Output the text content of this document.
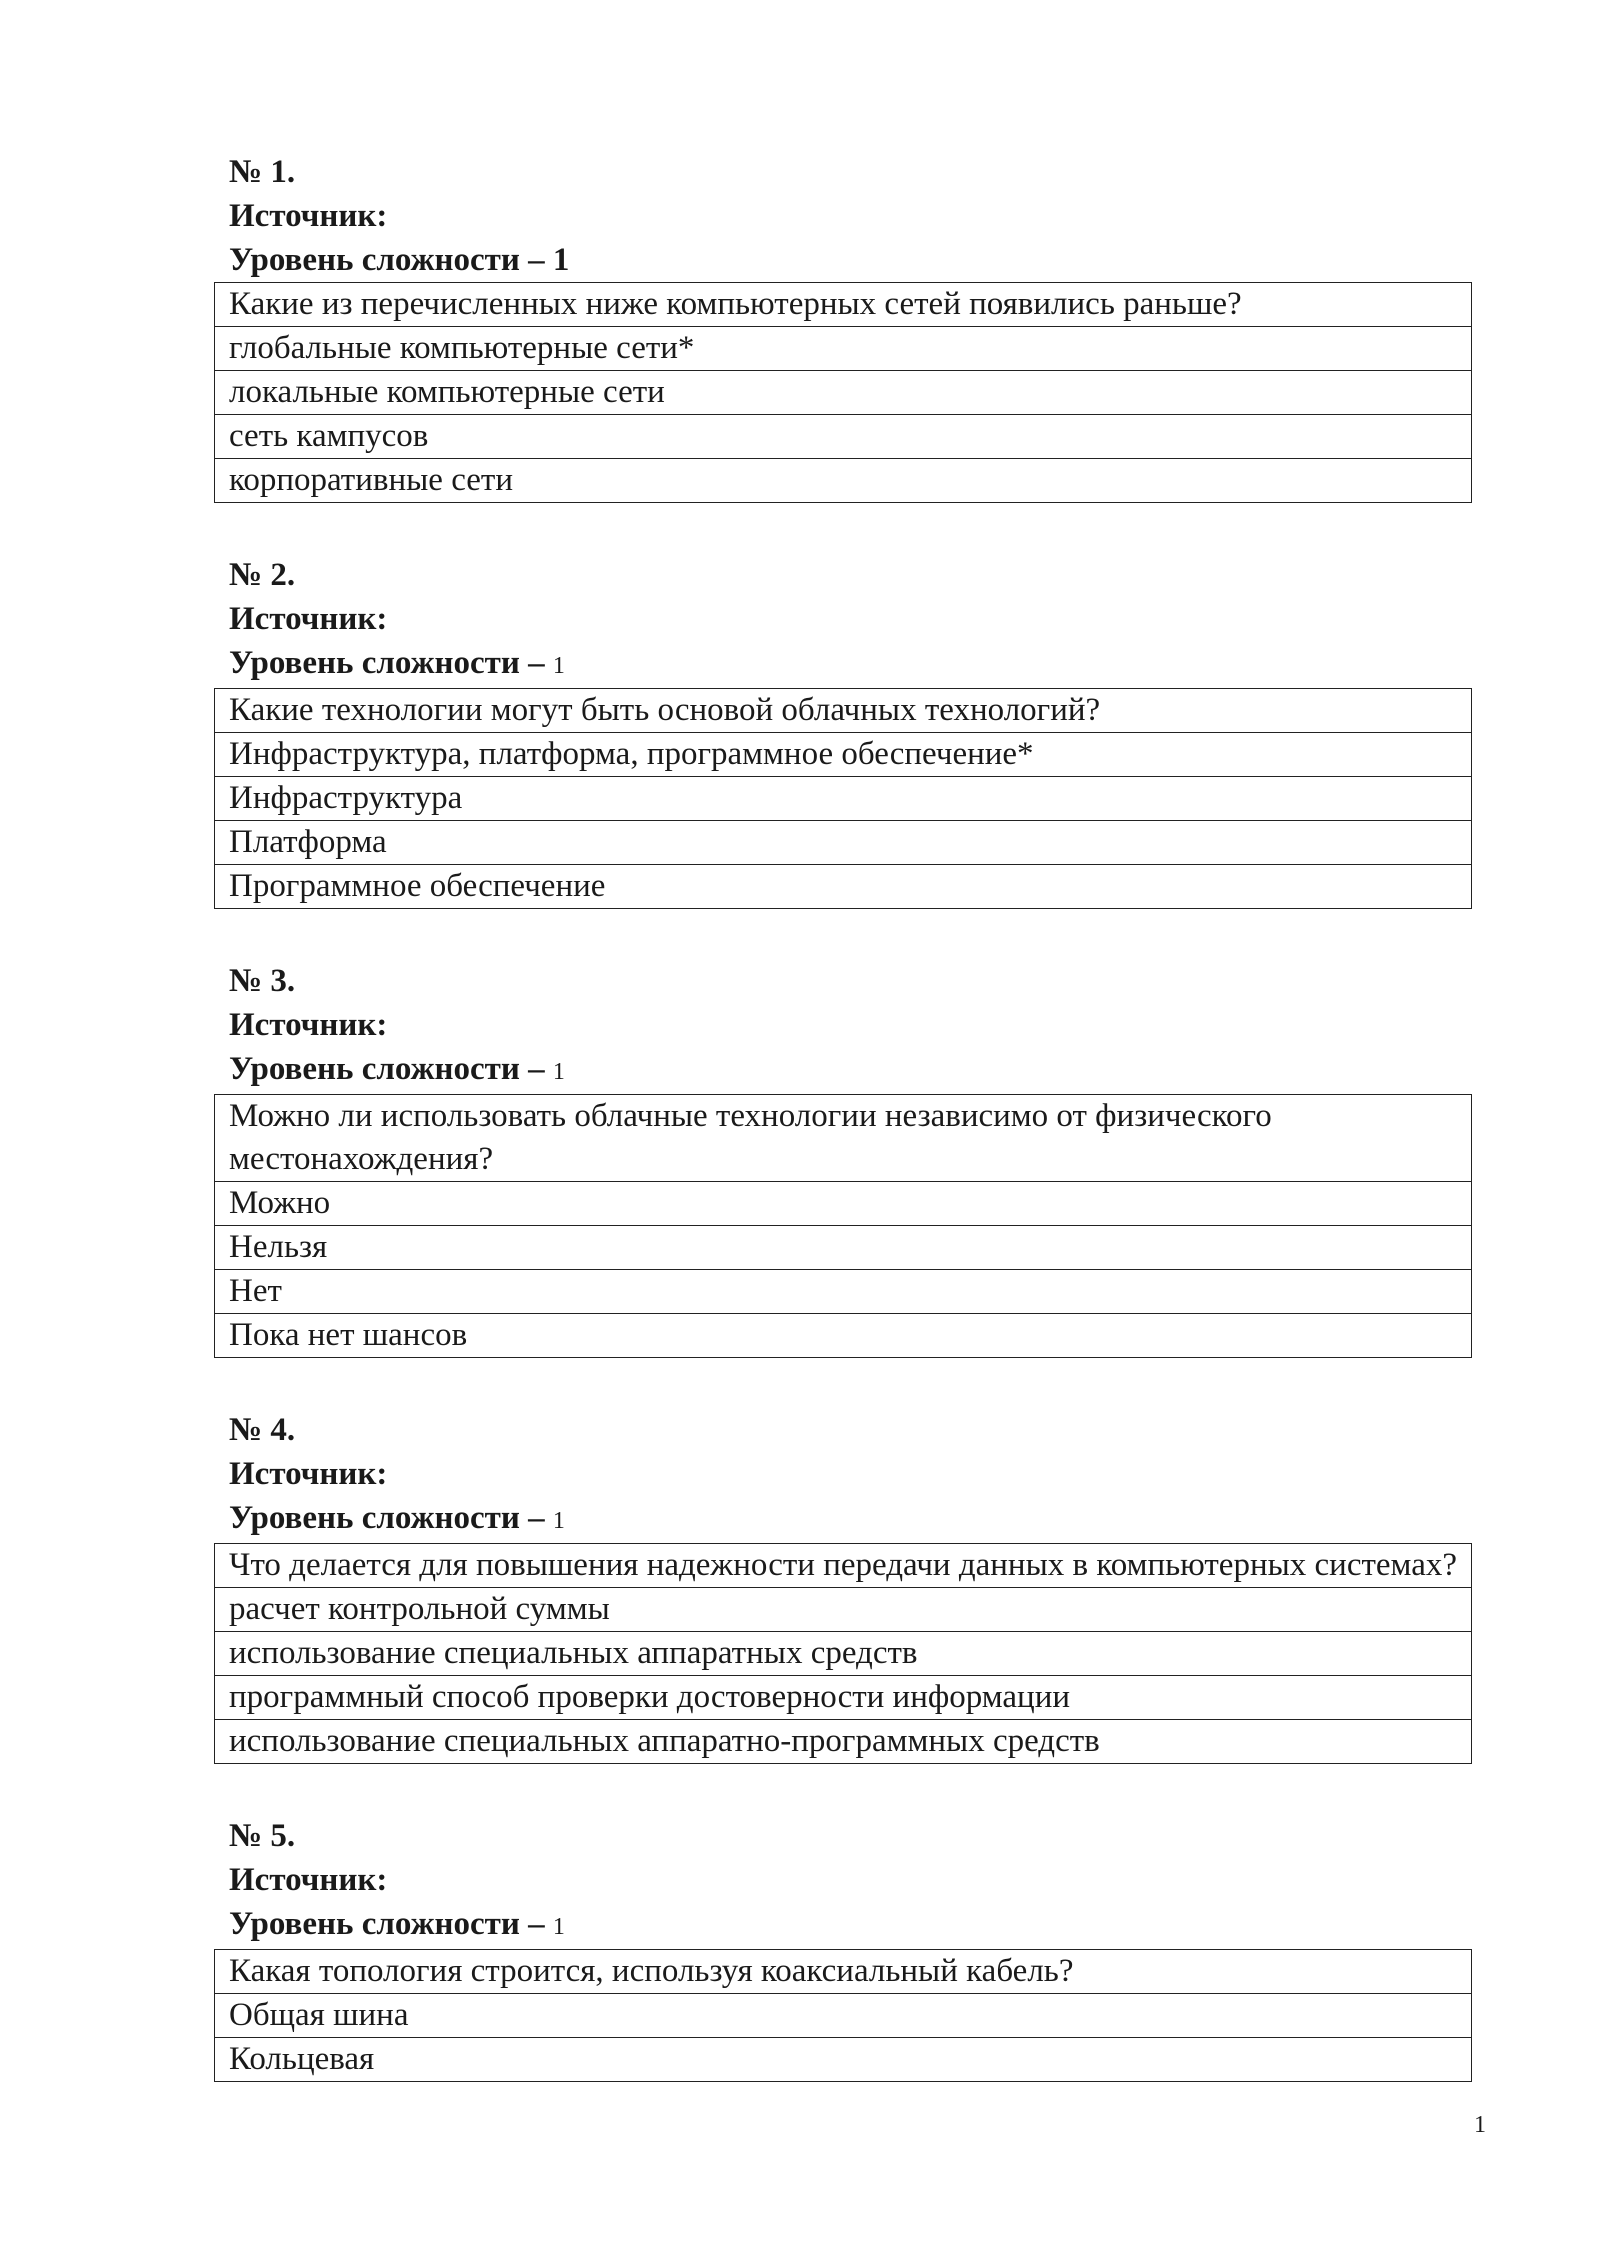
№ 1.
Источник:
Уровень сложности – 1
Какие из перечисленных ниже компьютерных сетей появились раньше?
глобальные компьютерные сети*
локальные компьютерные сети
сеть кампусов
корпоративные сети
№ 2.
Источник:
Уровень сложности – 1
Какие технологии могут быть основой облачных технологий?
Инфраструктура, платформа, программное обеспечение*
Инфраструктура
Платформа
Программное обеспечение
№ 3.
Источник:
Уровень сложности – 1
Можно ли использовать облачные технологии независимо от физического местонахождения?
Можно
Нельзя
Нет
Пока нет шансов
№ 4.
Источник:
Уровень сложности – 1
Что делается для повышения надежности передачи данных в компьютерных системах?
расчет контрольной суммы
использование специальных аппаратных средств
программный способ проверки достоверности информации
использование специальных аппаратно-программных средств
№ 5.
Источник:
Уровень сложности – 1
Какая топология строится, используя коаксиальный кабель?
Общая шина
Кольцевая
1
